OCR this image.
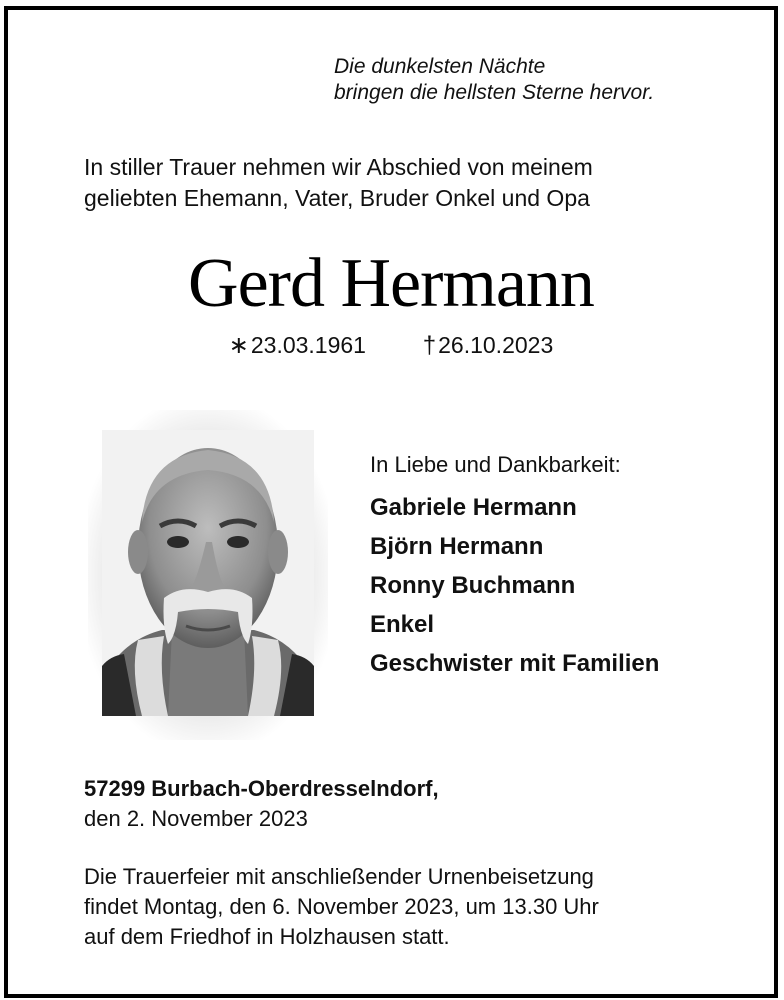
Die dunkelsten Nächte
bringen die hellsten Sterne hervor.
In stiller Trauer nehmen wir Abschied von meinem
geliebten Ehemann, Vater, Bruder Onkel und Opa
Gerd Hermann
∗23.03.1961 †26.10.2023
In Liebe und Dankbarkeit:
Gabriele Hermann
Björn Hermann
Ronny Buchmann
Enkel
Geschwister mit Familien
57299 Burbach-Oberdresselndorf,
den 2. November 2023
Die Trauerfeier mit anschließender Urnenbeisetzung
findet Montag, den 6. November 2023, um 13.30 Uhr
auf dem Friedhof in Holzhausen statt.
